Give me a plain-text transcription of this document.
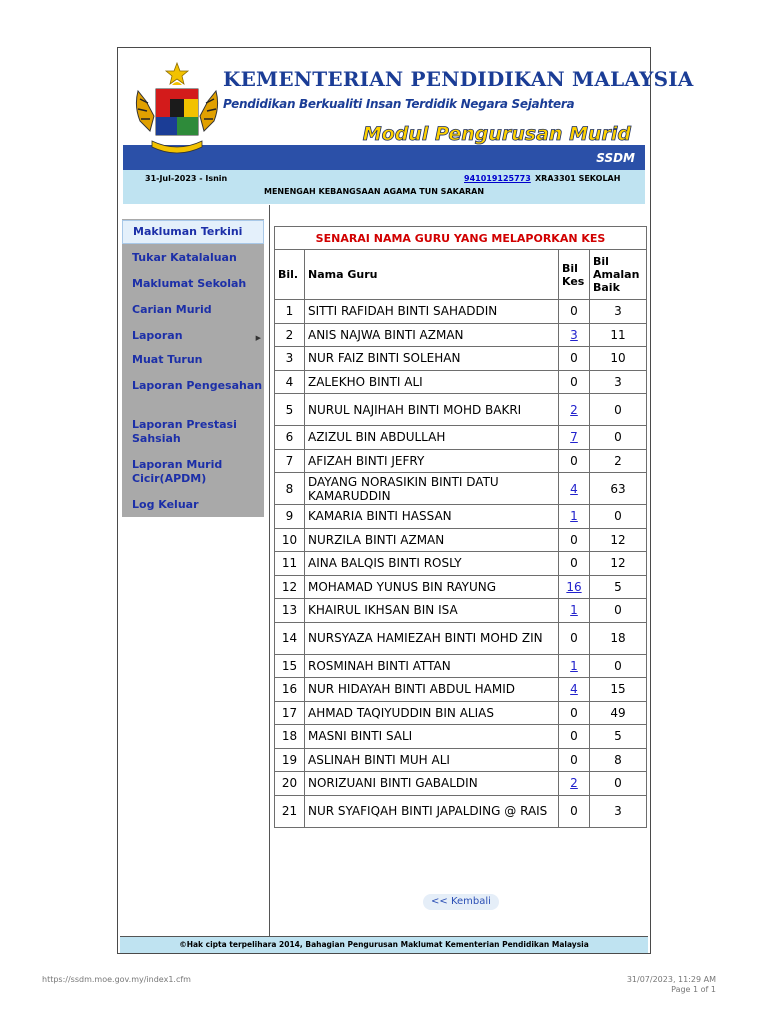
KEMENTERIAN PENDIDIKAN MALAYSIA
Pendidikan Berkualiti Insan Terdidik Negara Sejahtera
Modul Pengurusan Murid
SSDM
31-Jul-2023 - Isnin	941019125773 XRA3301 SEKOLAH
MENENGAH KEBANGSAAN AGAMA TUN SAKARAN
Makluman Terkini
Tukar Katalaluan
Maklumat Sekolah
Carian Murid
Laporan	▶
Muat Turun
Laporan Pengesahan
Laporan Prestasi Sahsiah
Laporan Murid Cicir(APDM)
Log Keluar
SENARAI NAMA GURU YANG MELAPORKAN KES			
Bil.	Nama Guru	Bil Kes	Bil Amalan Baik
1	SITTI RAFIDAH BINTI SAHADDIN	0	3
2	ANIS NAJWA BINTI AZMAN	3	11
3	NUR FAIZ BINTI SOLEHAN	0	10
4	ZALEKHO BINTI ALI	0	3
5	NURUL NAJIHAH BINTI MOHD BAKRI	2	0
6	AZIZUL BIN ABDULLAH	7	0
7	AFIZAH BINTI JEFRY	0	2
8	DAYANG NORASIKIN BINTI DATU KAMARUDDIN	4	63
9	KAMARIA BINTI HASSAN	1	0
10	NURZILA BINTI AZMAN	0	12
11	AINA BALQIS BINTI ROSLY	0	12
12	MOHAMAD YUNUS BIN RAYUNG	16	5
13	KHAIRUL IKHSAN BIN ISA	1	0
14	NURSYAZA HAMIEZAH BINTI MOHD ZIN	0	18
15	ROSMINAH BINTI ATTAN	1	0
16	NUR HIDAYAH BINTI ABDUL HAMID	4	15
17	AHMAD TAQIYUDDIN BIN ALIAS	0	49
18	MASNI BINTI SALI	0	5
19	ASLINAH BINTI MUH ALI	0	8
20	NORIZUANI BINTI GABALDIN	2	0
21	NUR SYAFIQAH BINTI JAPALDING @ RAIS	0	3
<< Kembali
©Hak cipta terpelihara 2014, Bahagian Pengurusan Maklumat Kementerian Pendidikan Malaysia
https://ssdm.moe.gov.my/index1.cfm	31/07/2023, 11:29 AM
Page 1 of 1
